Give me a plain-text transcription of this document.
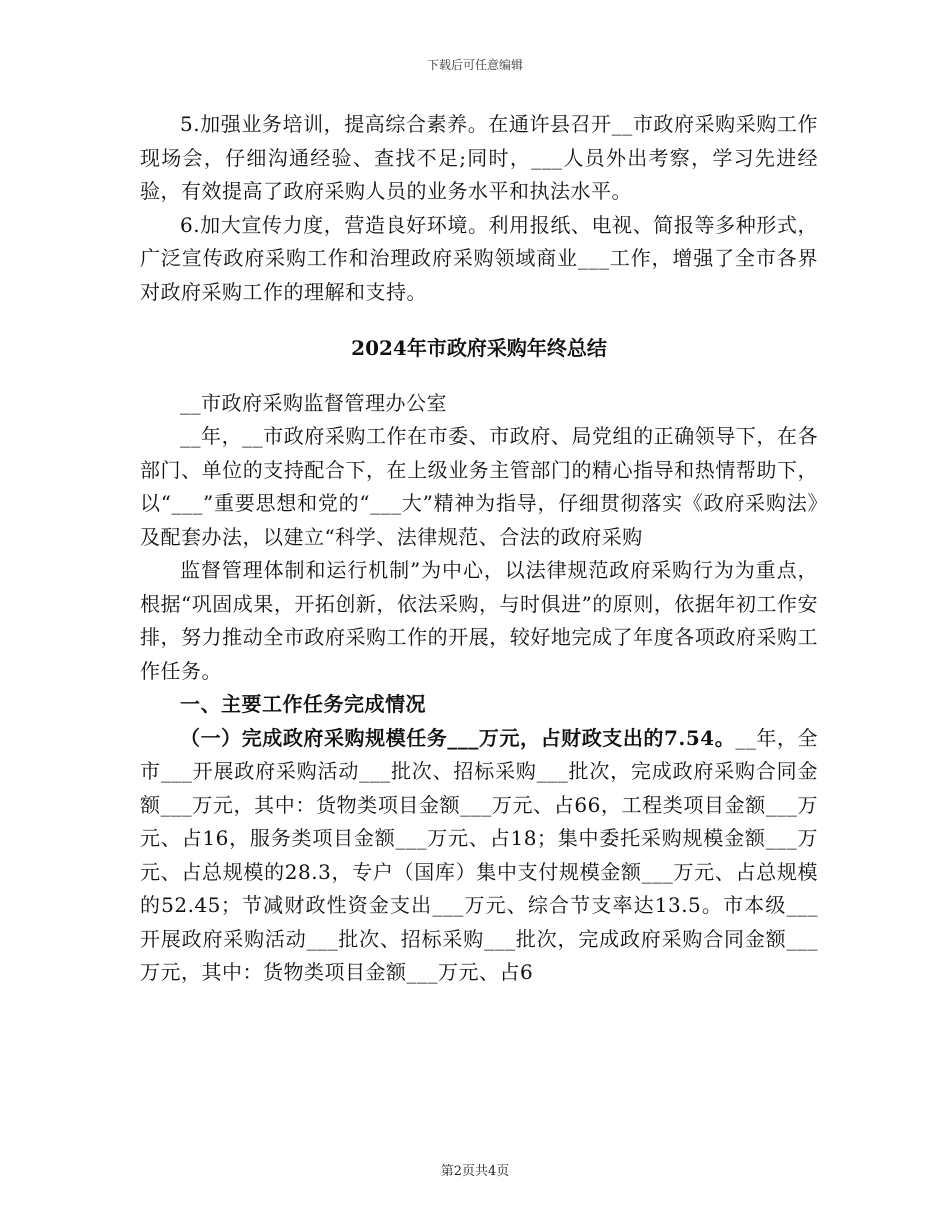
下载后可任意编辑

5.加强业务培训，提高综合素养。在通许县召开__市政府采购采购工作现场会，仔细沟通经验、查找不足;同时，___人员外出考察，学习先进经验，有效提高了政府采购人员的业务水平和执法水平。

6.加大宣传力度，营造良好环境。利用报纸、电视、简报等多种形式，广泛宣传政府采购工作和治理政府采购领域商业___工作，增强了全市各界对政府采购工作的理解和支持。

2024年市政府采购年终总结

__市政府采购监督管理办公室

__年，__市政府采购工作在市委、市政府、局党组的正确领导下，在各部门、单位的支持配合下，在上级业务主管部门的精心指导和热情帮助下，以“___”重要思想和党的“___大”精神为指导，仔细贯彻落实《政府采购法》及配套办法，以建立“科学、法律规范、合法的政府采购

监督管理体制和运行机制”为中心，以法律规范政府采购行为为重点，根据“巩固成果，开拓创新，依法采购，与时俱进”的原则，依据年初工作安排，努力推动全市政府采购工作的开展，较好地完成了年度各项政府采购工作任务。

一、主要工作任务完成情况

（一）完成政府采购规模任务___万元，占财政支出的7.54。__年，全市___开展政府采购活动___批次、招标采购___批次，完成政府采购合同金额___万元，其中：货物类项目金额___万元、占66，工程类项目金额___万元、占16，服务类项目金额___万元、占18；集中委托采购规模金额___万元、占总规模的28.3，专户（国库）集中支付规模金额___万元、占总规模的52.45；节减财政性资金支出___万元、综合节支率达13.5。市本级___开展政府采购活动___批次、招标采购___批次，完成政府采购合同金额___万元，其中：货物类项目金额___万元、占6

第2页共4页
